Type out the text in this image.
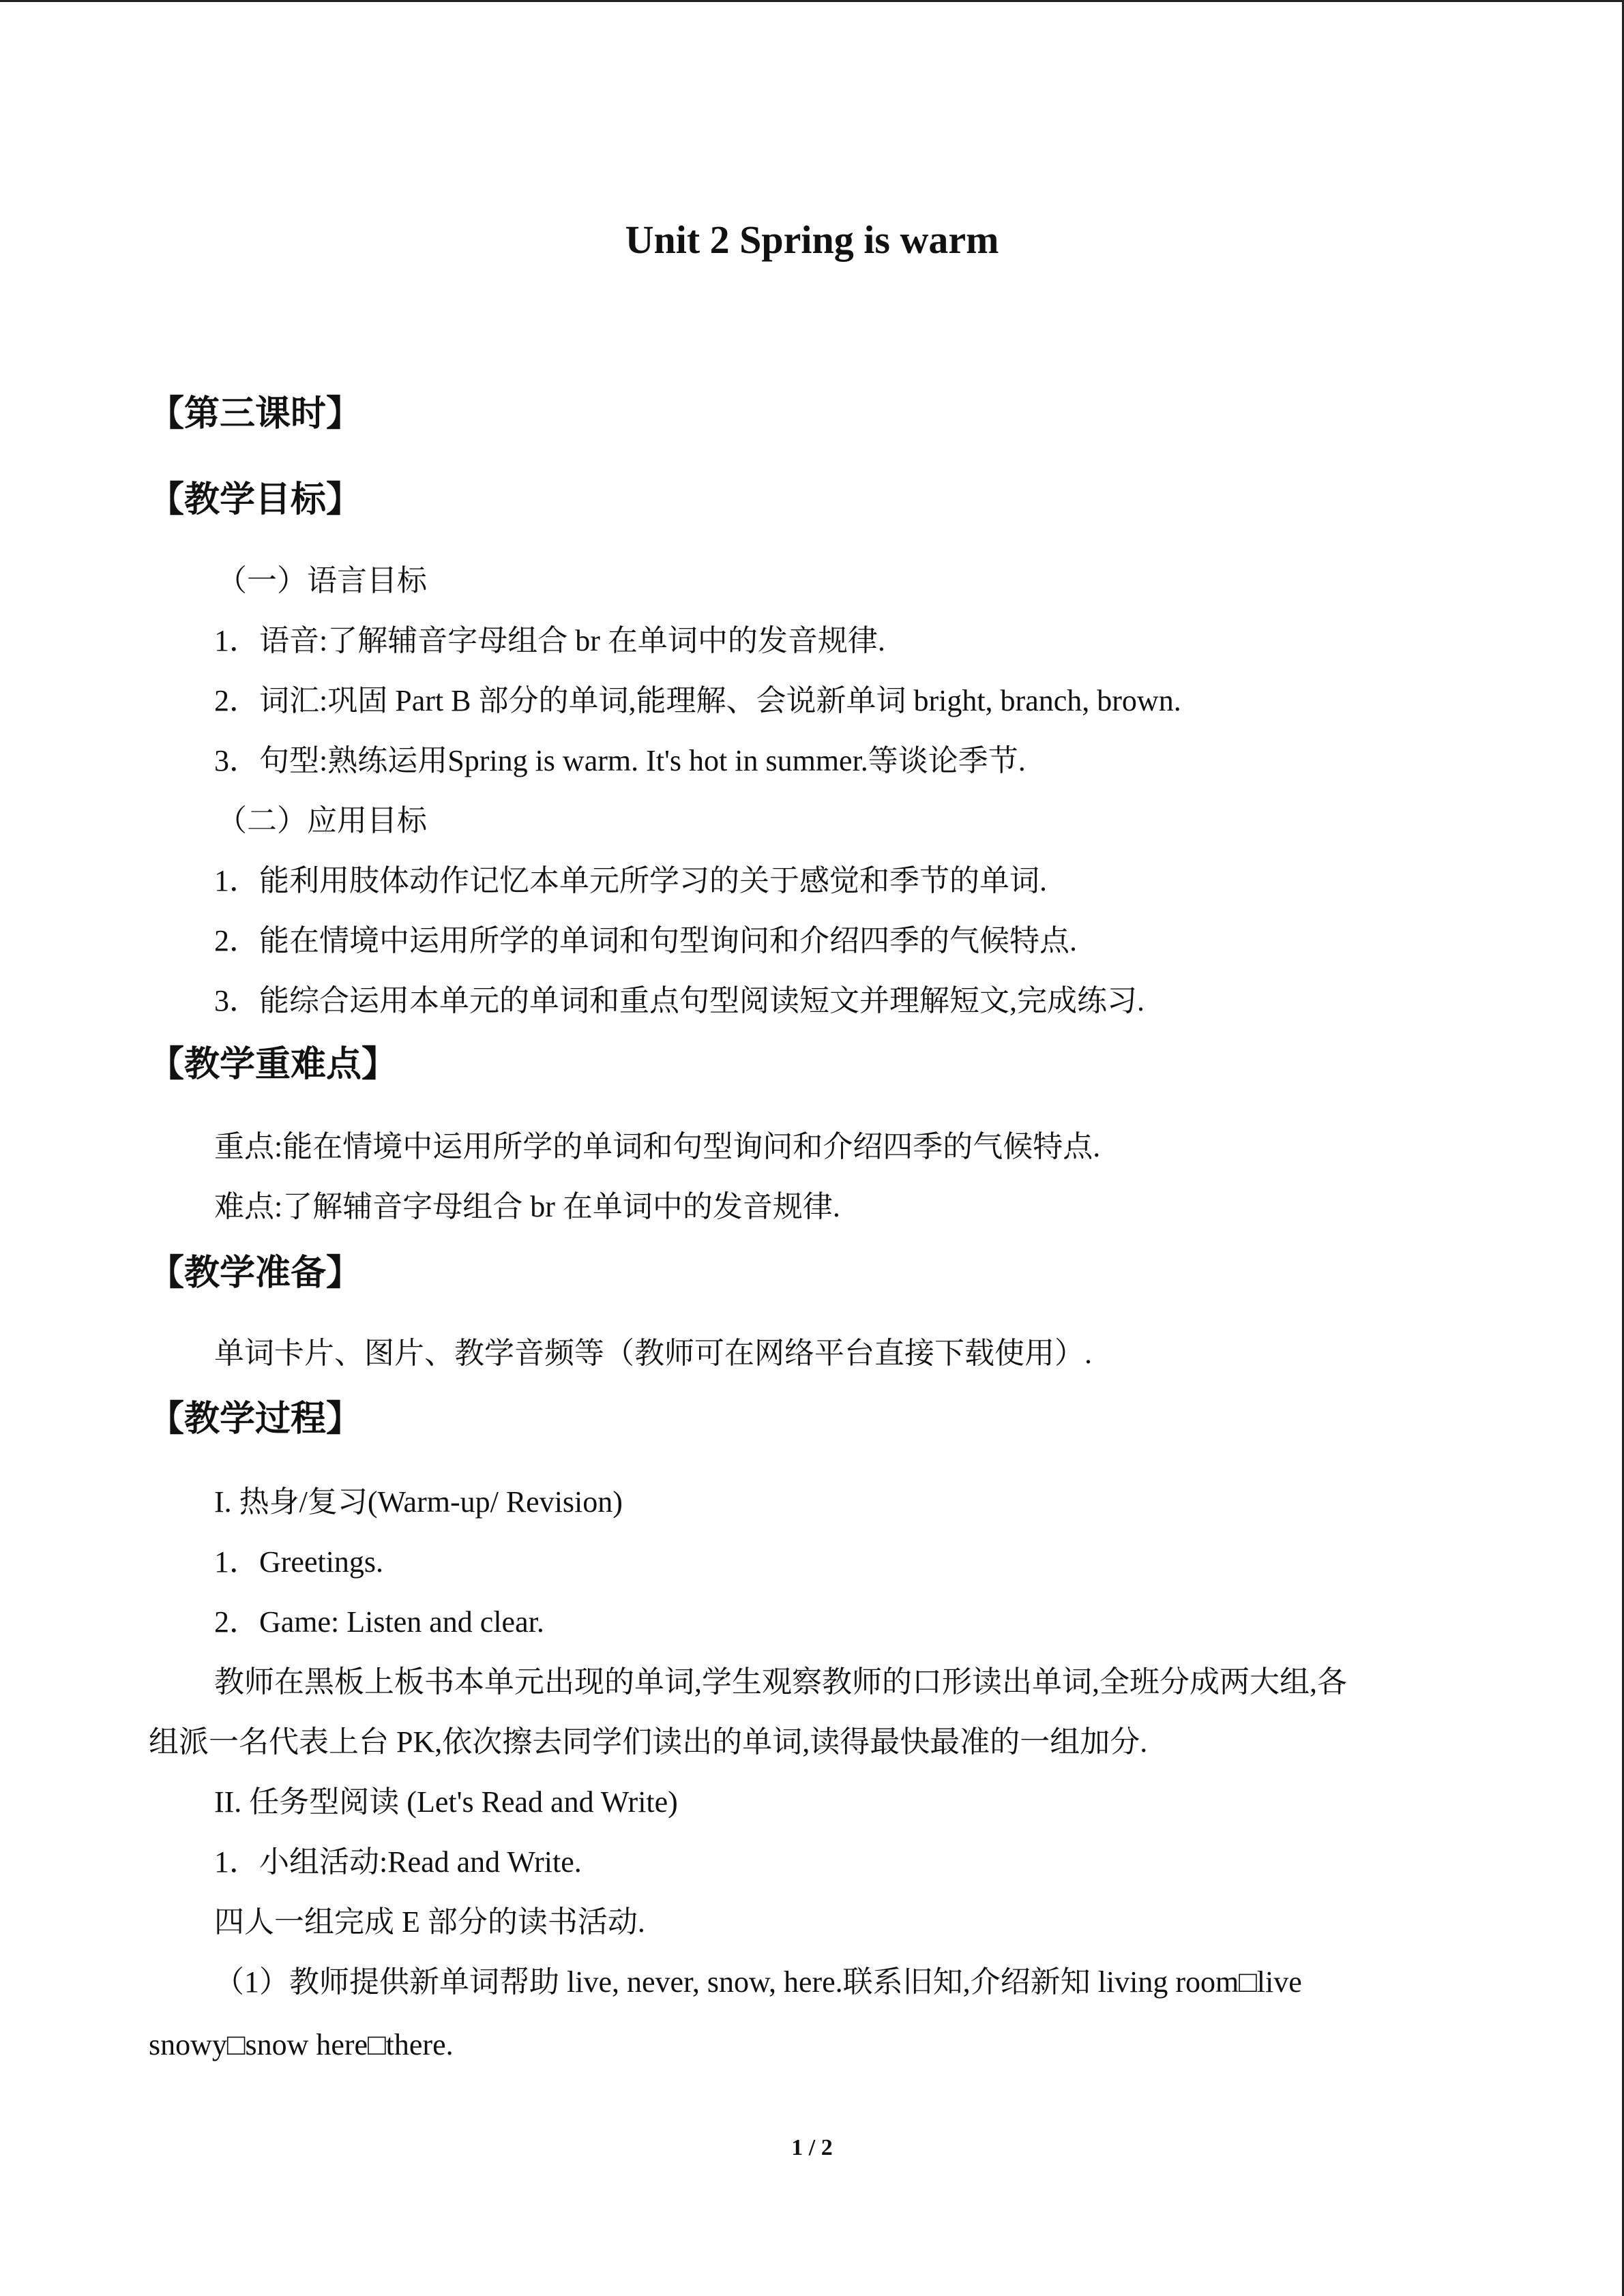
Unit 2 Spring is warm
【第三课时】
【教学目标】
（一）语言目标
1．语音:了解辅音字母组合 br 在单词中的发音规律.
2．词汇:巩固 Part B 部分的单词,能理解、会说新单词 bright, branch, brown.
3．句型:熟练运用Spring is warm. It's hot in summer.等谈论季节.
（二）应用目标
1．能利用肢体动作记忆本单元所学习的关于感觉和季节的单词.
2．能在情境中运用所学的单词和句型询问和介绍四季的气候特点.
3．能综合运用本单元的单词和重点句型阅读短文并理解短文,完成练习.
【教学重难点】
重点:能在情境中运用所学的单词和句型询问和介绍四季的气候特点.
难点:了解辅音字母组合 br 在单词中的发音规律.
【教学准备】
单词卡片、图片、教学音频等（教师可在网络平台直接下载使用）.
【教学过程】
I. 热身/复习(Warm-up/ Revision)
1．Greetings.
2．Game: Listen and clear.
教师在黑板上板书本单元出现的单词,学生观察教师的口形读出单词,全班分成两大组,各
组派一名代表上台 PK,依次擦去同学们读出的单词,读得最快最准的一组加分.
II. 任务型阅读 (Let's Read and Write)
1．小组活动:Read and Write.
四人一组完成 E 部分的读书活动.
（1）教师提供新单词帮助 live, never, snow, here.联系旧知,介绍新知 living room□live
snowy□snow here□there.
1 / 2
